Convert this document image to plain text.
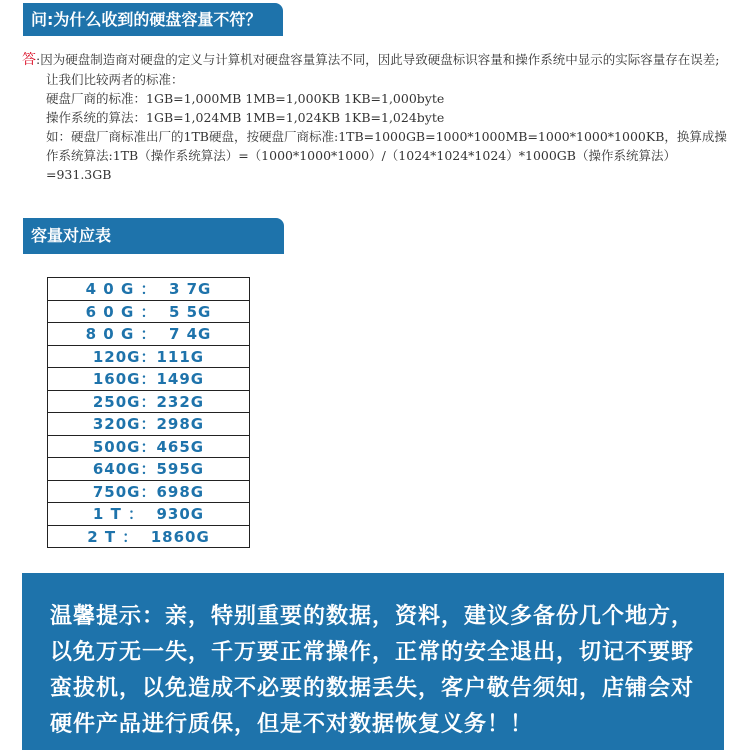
问:为什么收到的硬盘容量不符？

答:因为硬盘制造商对硬盘的定义与计算机对硬盘容量算法不同，因此导致硬盘标识容量和操作系统中显示的实际容量存在误差;

让我们比较两者的标准：

硬盘厂商的标准：1GB=1,000MB 1MB=1,000KB 1KB=1,000byte

操作系统的算法：1GB=1,024MB 1MB=1,024KB 1KB=1,024byte

如：硬盘厂商标准出厂的1TB硬盘，按硬盘厂商标准:1TB=1000GB=1000*1000MB=1000*1000*1000KB，换算成操作系统算法:1TB（操作系统算法）=（1000*1000*1000）/（1024*1024*1024）*1000GB（操作系统算法）=931.3GB

容量对应表
4 0 G ：  3 7G
6 0 G ：  5 5G
8 0 G ：  7 4G
120G：111G
160G：149G
250G：232G
320G：298G
500G：465G
640G：595G
750G：698G
1 T ：  930G
2 T ：  1860G
温馨提示：亲，特别重要的数据，资料，建议多备份几个地方，以免万无一失，千万要正常操作，正常的安全退出，切记不要野蛮拔机，以免造成不必要的数据丢失，客户敬告须知，店铺会对硬件产品进行质保，但是不对数据恢复义务！！
